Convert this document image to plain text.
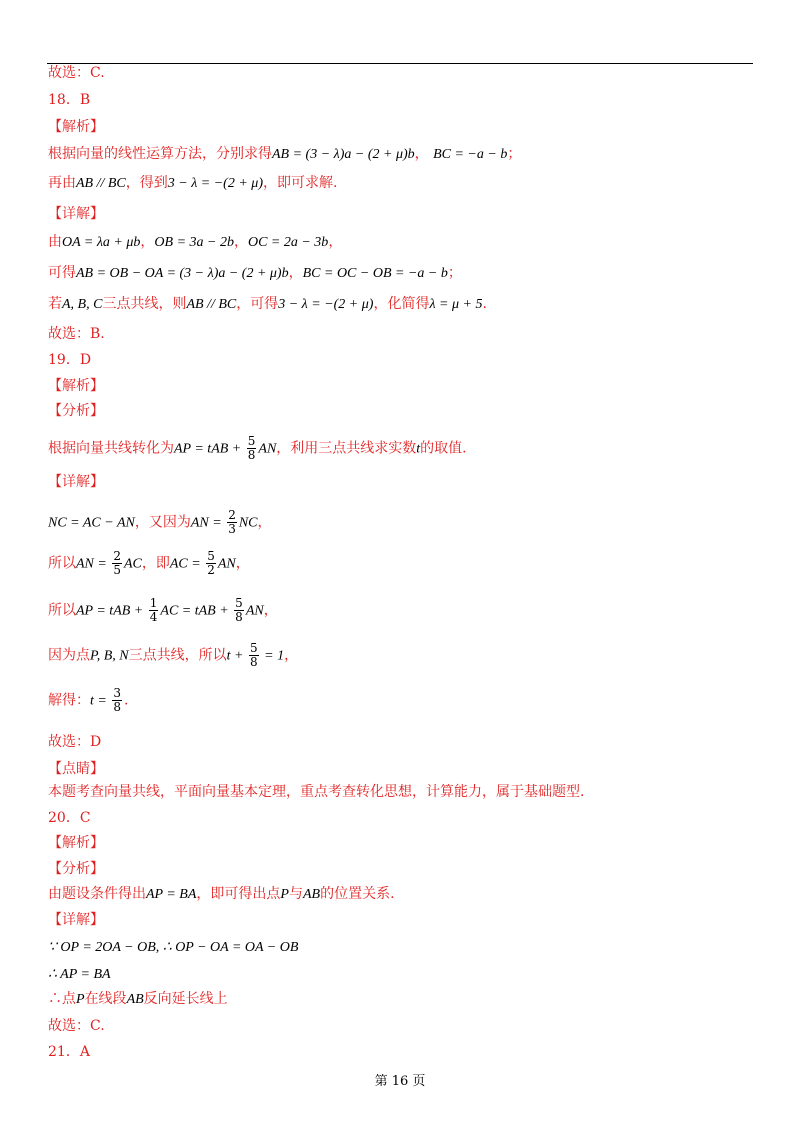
故选：C.
18．B
【解析】
根据向量的线性运算方法，分别求得AB = (3 − λ)a − (2 + μ)b， BC = −a − b；
再由AB // BC，得到3 − λ = −(2 + μ)，即可求解.
【详解】
由OA = λa + μb，OB = 3a − 2b，OC = 2a − 3b，
可得AB = OB − OA = (3 − λ)a − (2 + μ)b，BC = OC − OB = −a − b；
若A, B, C三点共线，则AB // BC，可得3 − λ = −(2 + μ)，化简得λ = μ + 5.
故选：B.
19．D
【解析】
【分析】
根据向量共线转化为AP = tAB + $\frac{5}{8}$ AN，利用三点共线求实数t的取值.
【详解】
NC = AC − AN，又因为AN = $\frac{2}{3}$ NC，
所以AN = $\frac{2}{5}$ AC，即AC = $\frac{5}{2}$ AN，
所以AP = tAB + $\frac{1}{4}$ AC = tAB + $\frac{5}{8}$ AN，
因为点P, B, N三点共线，所以$t + \frac{5}{8} = 1$，
解得：$t = \frac{3}{8}$ .
故选：D
【点睛】
本题考查向量共线，平面向量基本定理，重点考查转化思想，计算能力，属于基础题型.
20．C
【解析】
【分析】
由题设条件得出AP = BA，即可得出点P与AB的位置关系.
【详解】
∵ OP = 2OA − OB, ∴ OP − OA = OA − OB
∴ AP = BA
∴点P在线段AB反向延长线上
故选：C.
21．A
第 16 页
